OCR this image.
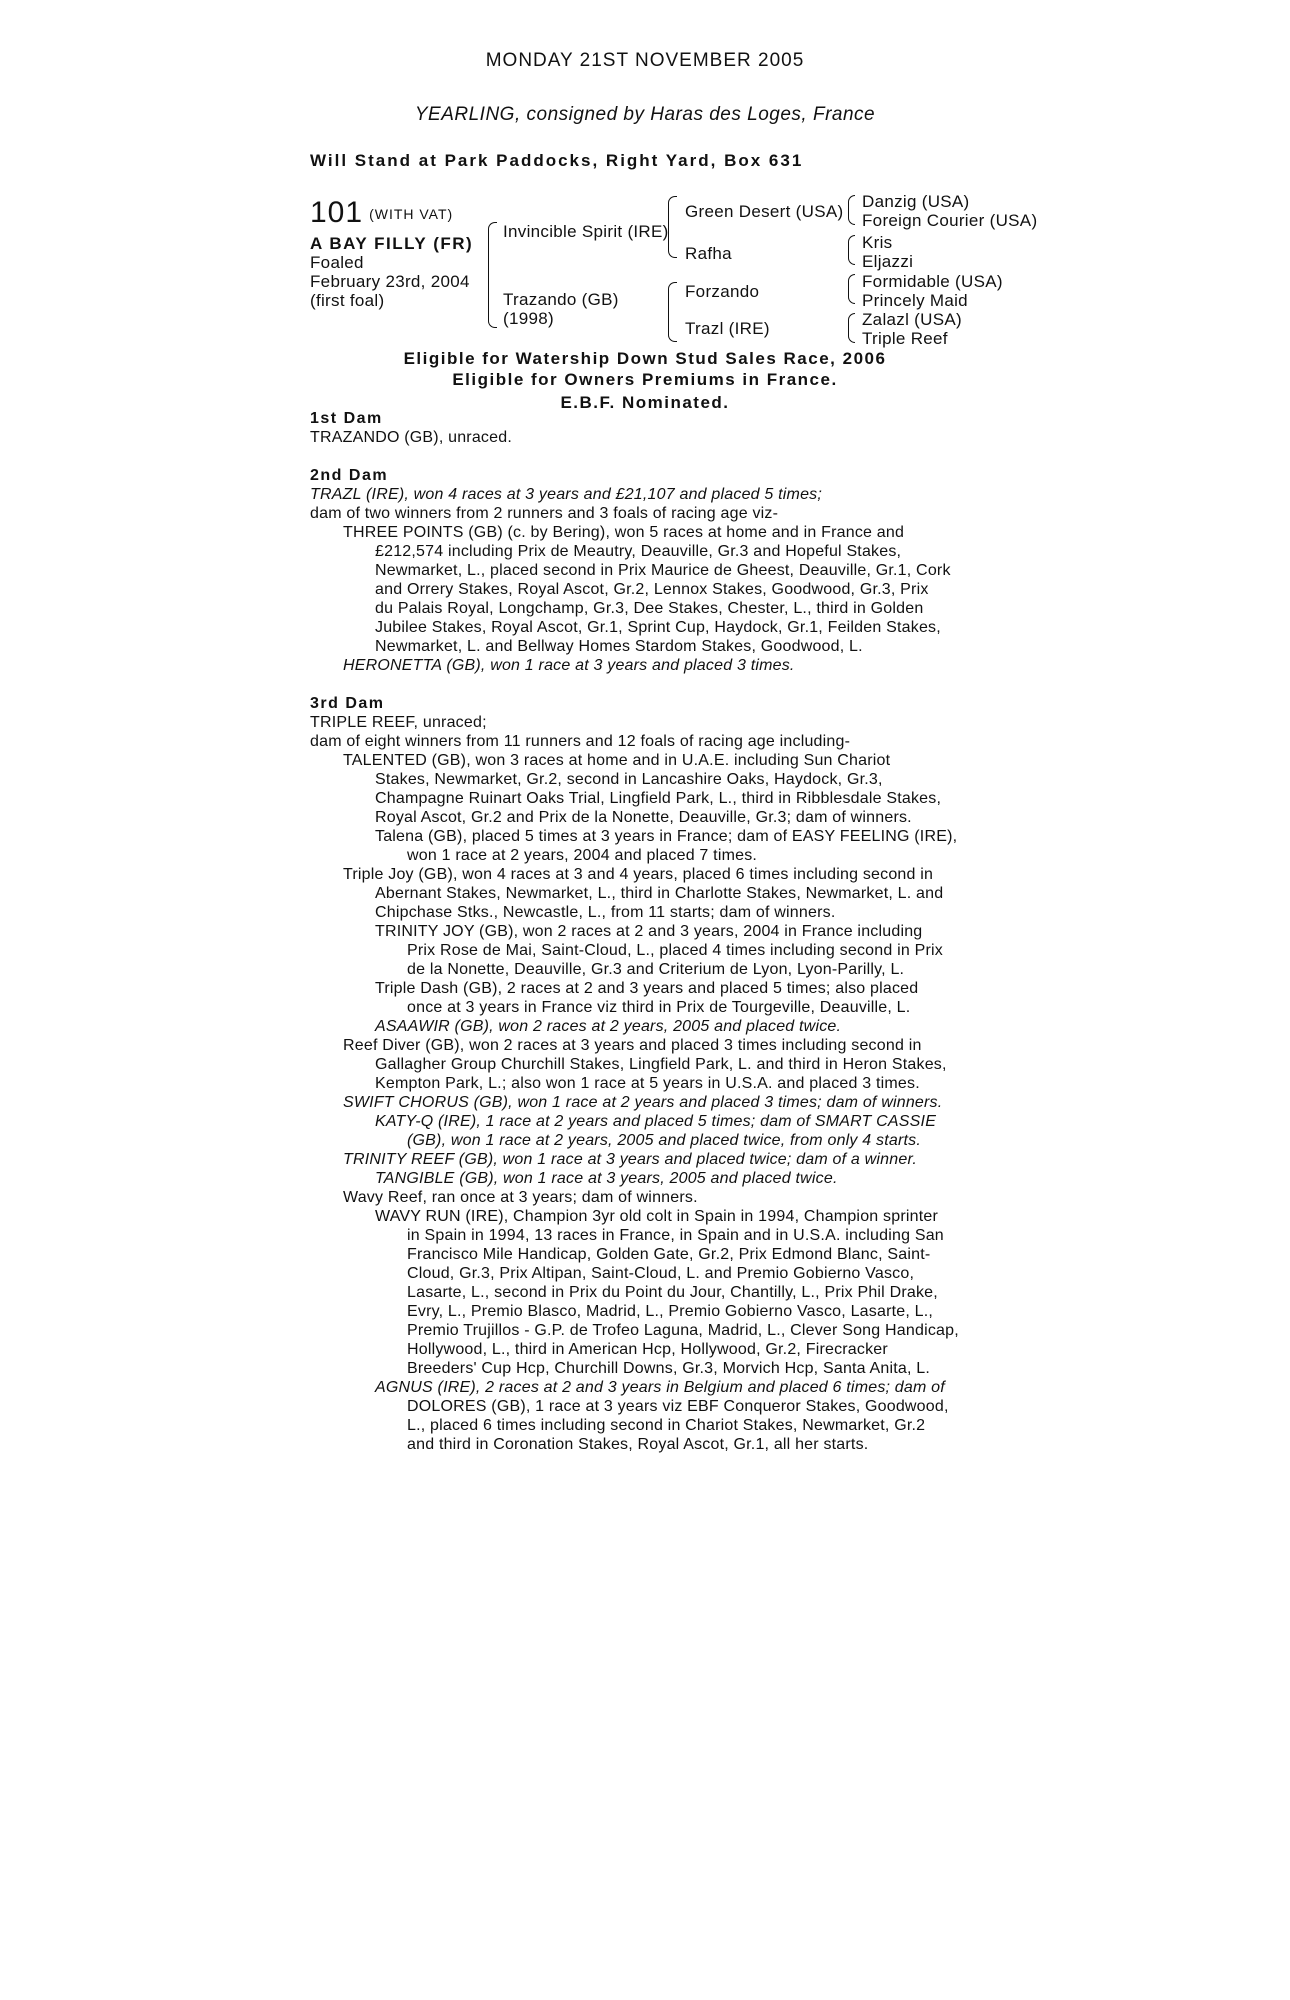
MONDAY 21ST NOVEMBER 2005
YEARLING, consigned by Haras des Loges, France
Will Stand at Park Paddocks, Right Yard, Box 631
101 (WITH VAT)
A BAY FILLY (FR)
Foaled
February 23rd, 2004
(first foal)
Invincible Spirit (IRE)
Trazando (GB)
(1998)
Green Desert (USA)
Rafha
Forzando
Trazl (IRE)
Danzig (USA)
Foreign Courier (USA)
Kris
Eljazzi
Formidable (USA)
Princely Maid
Zalazl (USA)
Triple Reef
Eligible for Watership Down Stud Sales Race, 2006
Eligible for Owners Premiums in France.
E.B.F. Nominated.
1st Dam
TRAZANDO (GB), unraced.
2nd Dam
TRAZL (IRE), won 4 races at 3 years and £21,107 and placed 5 times;
dam of two winners from 2 runners and 3 foals of racing age viz-
THREE POINTS (GB) (c. by Bering), won 5 races at home and in France and
£212,574 including Prix de Meautry, Deauville, Gr.3 and Hopeful Stakes,
Newmarket, L., placed second in Prix Maurice de Gheest, Deauville, Gr.1, Cork
and Orrery Stakes, Royal Ascot, Gr.2, Lennox Stakes, Goodwood, Gr.3, Prix
du Palais Royal, Longchamp, Gr.3, Dee Stakes, Chester, L., third in Golden
Jubilee Stakes, Royal Ascot, Gr.1, Sprint Cup, Haydock, Gr.1, Feilden Stakes,
Newmarket, L. and Bellway Homes Stardom Stakes, Goodwood, L.
HERONETTA (GB), won 1 race at 3 years and placed 3 times.
3rd Dam
TRIPLE REEF, unraced;
dam of eight winners from 11 runners and 12 foals of racing age including-
TALENTED (GB), won 3 races at home and in U.A.E. including Sun Chariot
Stakes, Newmarket, Gr.2, second in Lancashire Oaks, Haydock, Gr.3,
Champagne Ruinart Oaks Trial, Lingfield Park, L., third in Ribblesdale Stakes,
Royal Ascot, Gr.2 and Prix de la Nonette, Deauville, Gr.3; dam of winners.
Talena (GB), placed 5 times at 3 years in France; dam of EASY FEELING (IRE),
won 1 race at 2 years, 2004 and placed 7 times.
Triple Joy (GB), won 4 races at 3 and 4 years, placed 6 times including second in
Abernant Stakes, Newmarket, L., third in Charlotte Stakes, Newmarket, L. and
Chipchase Stks., Newcastle, L., from 11 starts; dam of winners.
TRINITY JOY (GB), won 2 races at 2 and 3 years, 2004 in France including
Prix Rose de Mai, Saint-Cloud, L., placed 4 times including second in Prix
de la Nonette, Deauville, Gr.3 and Criterium de Lyon, Lyon-Parilly, L.
Triple Dash (GB), 2 races at 2 and 3 years and placed 5 times; also placed
once at 3 years in France viz third in Prix de Tourgeville, Deauville, L.
ASAAWIR (GB), won 2 races at 2 years, 2005 and placed twice.
Reef Diver (GB), won 2 races at 3 years and placed 3 times including second in
Gallagher Group Churchill Stakes, Lingfield Park, L. and third in Heron Stakes,
Kempton Park, L.; also won 1 race at 5 years in U.S.A. and placed 3 times.
SWIFT CHORUS (GB), won 1 race at 2 years and placed 3 times; dam of winners.
KATY-Q (IRE), 1 race at 2 years and placed 5 times; dam of SMART CASSIE
(GB), won 1 race at 2 years, 2005 and placed twice, from only 4 starts.
TRINITY REEF (GB), won 1 race at 3 years and placed twice; dam of a winner.
TANGIBLE (GB), won 1 race at 3 years, 2005 and placed twice.
Wavy Reef, ran once at 3 years; dam of winners.
WAVY RUN (IRE), Champion 3yr old colt in Spain in 1994, Champion sprinter
in Spain in 1994, 13 races in France, in Spain and in U.S.A. including San
Francisco Mile Handicap, Golden Gate, Gr.2, Prix Edmond Blanc, Saint-
Cloud, Gr.3, Prix Altipan, Saint-Cloud, L. and Premio Gobierno Vasco,
Lasarte, L., second in Prix du Point du Jour, Chantilly, L., Prix Phil Drake,
Evry, L., Premio Blasco, Madrid, L., Premio Gobierno Vasco, Lasarte, L.,
Premio Trujillos - G.P. de Trofeo Laguna, Madrid, L., Clever Song Handicap,
Hollywood, L., third in American Hcp, Hollywood, Gr.2, Firecracker
Breeders' Cup Hcp, Churchill Downs, Gr.3, Morvich Hcp, Santa Anita, L.
AGNUS (IRE), 2 races at 2 and 3 years in Belgium and placed 6 times; dam of
DOLORES (GB), 1 race at 3 years viz EBF Conqueror Stakes, Goodwood,
L., placed 6 times including second in Chariot Stakes, Newmarket, Gr.2
and third in Coronation Stakes, Royal Ascot, Gr.1, all her starts.
